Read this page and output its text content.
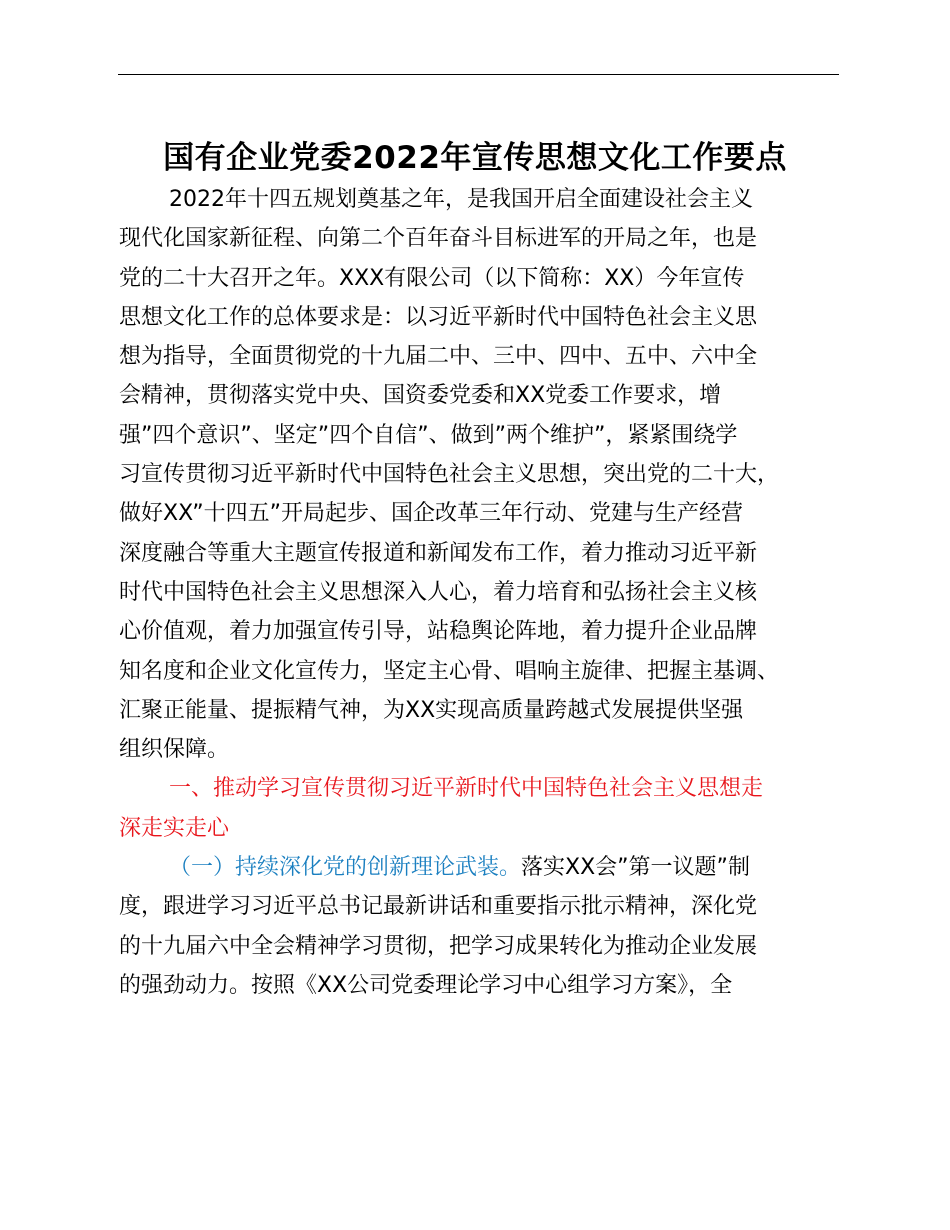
国有企业党委2022年宣传思想文化工作要点
2022年十四五规划奠基之年，是我国开启全面建设社会主义
现代化国家新征程、向第二个百年奋斗目标进军的开局之年，也是
党的二十大召开之年。XXX有限公司（以下简称：XX）今年宣传
思想文化工作的总体要求是：以习近平新时代中国特色社会主义思
想为指导，全面贯彻党的十九届二中、三中、四中、五中、六中全
会精神，贯彻落实党中央、国资委党委和XX党委工作要求，增
强”四个意识”、坚定”四个自信”、做到”两个维护”，紧紧围绕学
习宣传贯彻习近平新时代中国特色社会主义思想，突出党的二十大，
做好XX”十四五”开局起步、国企改革三年行动、党建与生产经营
深度融合等重大主题宣传报道和新闻发布工作，着力推动习近平新
时代中国特色社会主义思想深入人心，着力培育和弘扬社会主义核
心价值观，着力加强宣传引导，站稳舆论阵地，着力提升企业品牌
知名度和企业文化宣传力，坚定主心骨、唱响主旋律、把握主基调、
汇聚正能量、提振精气神，为XX实现高质量跨越式发展提供坚强
组织保障。
一、推动学习宣传贯彻习近平新时代中国特色社会主义思想走
深走实走心
（一）持续深化党的创新理论武装。落实XX会”第一议题”制
度，跟进学习习近平总书记最新讲话和重要指示批示精神，深化党
的十九届六中全会精神学习贯彻，把学习成果转化为推动企业发展
的强劲动力。按照《XX公司党委理论学习中心组学习方案》，全
